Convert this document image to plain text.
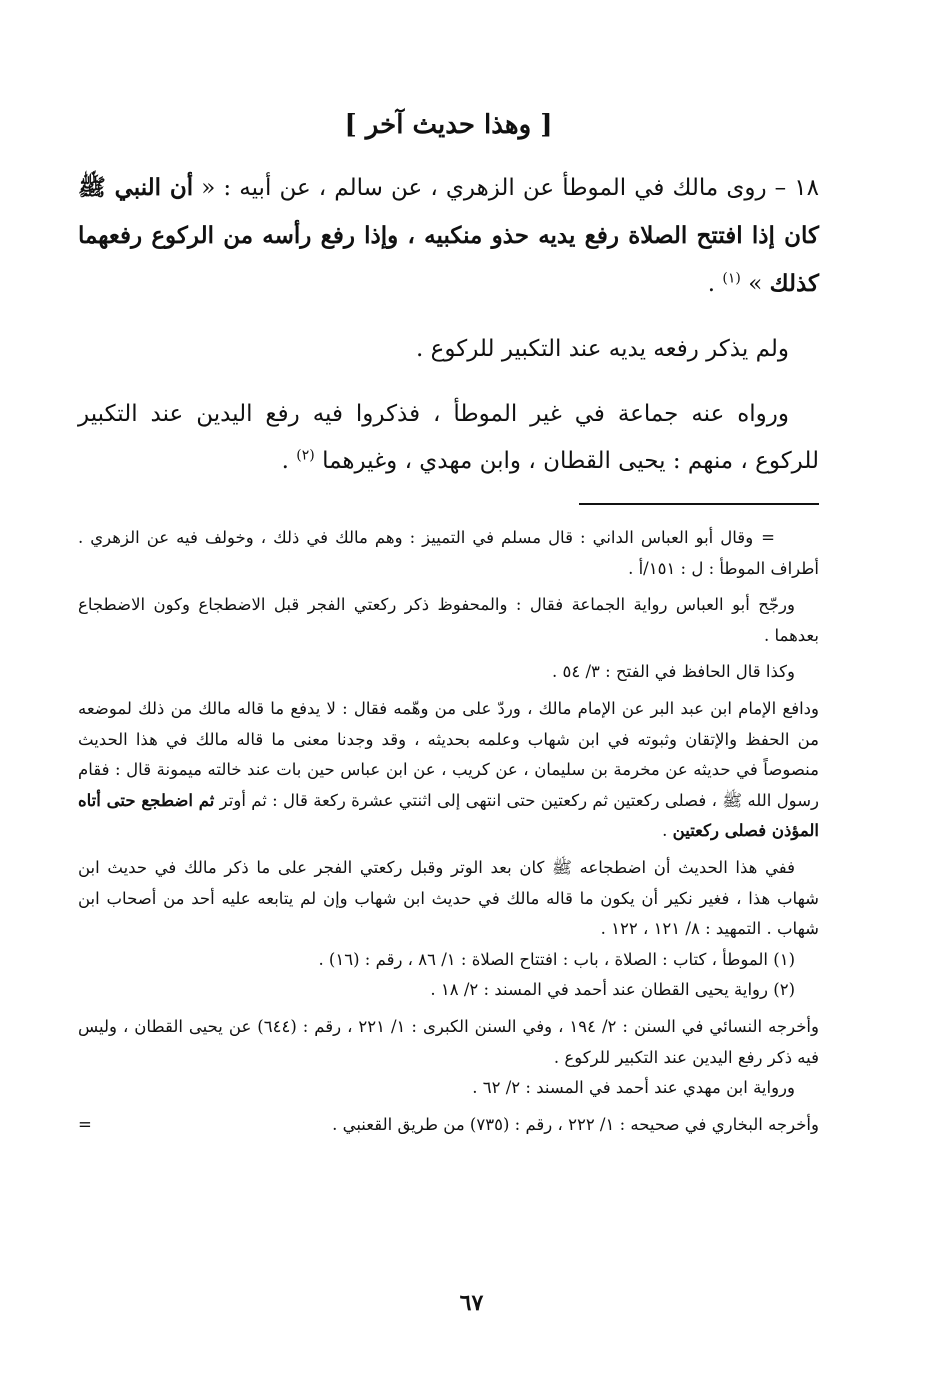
[ وهذا حديث آخر ]

١٨ – روى مالك في الموطأ عن الزهري ، عن سالم ، عن أبيه : « أن النبي ﷺ كان إذا افتتح الصلاة رفع يديه حذو منكبيه ، وإذا رفع رأسه من الركوع رفعهما كذلك » $^{(١)}$ .

ولم يذكر رفعه يديه عند التكبير للركوع .

ورواه عنه جماعة في غير الموطأ ، فذكروا فيه رفع اليدين عند التكبير للركوع ، منهم : يحيى القطان ، وابن مهدي ، وغيرهما $^{(٢)}$ .

=وقال أبو العباس الداني : قال مسلم في التمييز : وهم مالك في ذلك ، وخولف فيه عن الزهري . أطراف الموطأ : ل : ١٥١/أ .

ورجّح أبو العباس رواية الجماعة فقال : والمحفوظ ذكر ركعتي الفجر قبل الاضطجاع وكون الاضطجاع بعدهما .

وكذا قال الحافظ في الفتح : ٣/ ٥٤ .

ودافع الإمام ابن عبد البر عن الإمام مالك ، وردّ على من وهّمه فقال : لا يدفع ما قاله مالك من ذلك لموضعه من الحفظ والإتقان وثبوته في ابن شهاب وعلمه بحديثه ، وقد وجدنا معنى ما قاله مالك في هذا الحديث منصوصاً في حديثه عن مخرمة بن سليمان ، عن كريب ، عن ابن عباس حين بات عند خالته ميمونة قال : فقام رسول الله ﷺ ، فصلى ركعتين ثم ركعتين حتى انتهى إلى اثنتي عشرة ركعة قال : ثم أوتر ثم اضطجع حتى أتاه المؤذن فصلى ركعتين .

ففي هذا الحديث أن اضطجاعه ﷺ كان بعد الوتر وقبل ركعتي الفجر على ما ذكر مالك في حديث ابن شهاب هذا ، فغير نكير أن يكون ما قاله مالك في حديث ابن شهاب وإن لم يتابعه عليه أحد من أصحاب ابن شهاب . التمهيد : ٨/ ١٢١ ، ١٢٢ .

(١) الموطأ ، كتاب : الصلاة ، باب : افتتاح الصلاة : ١/ ٨٦ ، رقم : (١٦) .

(٢) رواية يحيى القطان عند أحمد في المسند : ٢/ ١٨ .

وأخرجه النسائي في السنن : ٢/ ١٩٤ ، وفي السنن الكبرى : ١/ ٢٢١ ، رقم : (٦٤٤) عن يحيى القطان ، وليس فيه ذكر رفع اليدين عند التكبير للركوع .

ورواية ابن مهدي عند أحمد في المسند : ٢/ ٦٢ .

وأخرجه البخاري في صحيحه : ١/ ٢٢٢ ، رقم : (٧٣٥) من طريق القعنبي .
=

٦٧
